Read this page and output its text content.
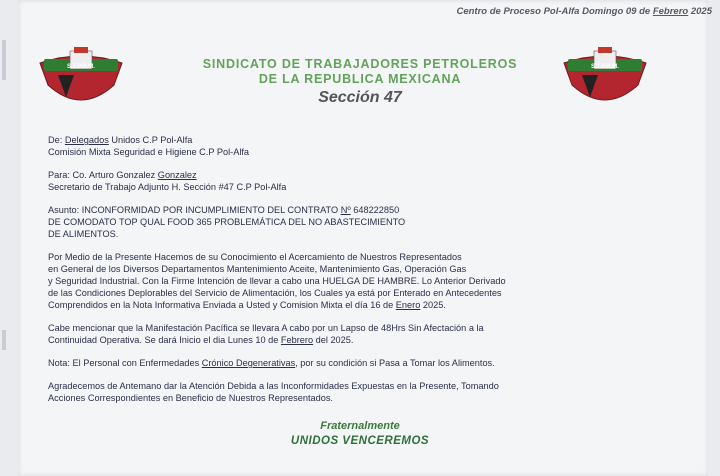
Centro de Proceso Pol-Alfa Domingo 09 de Febrero 2025
S.T.P.R.M.	S.T.P.R.M.
SINDICATO DE TRABAJADORES PETROLEROS
DE LA REPUBLICA MEXICANA
Sección 47

De: Delegados Unidos C.P Pol-Alfa

Comisión Mixta Seguridad e Higiene C.P Pol-Alfa

Para: Co. Arturo Gonzalez Gonzalez

Secretario de Trabajo Adjunto H. Sección #47 C.P Pol-Alfa

Asunto: INCONFORMIDAD POR INCUMPLIMIENTO DEL CONTRATO Nº 648222850

DE COMODATO TOP QUAL FOOD 365 PROBLEMÁTICA DEL NO ABASTECIMIENTO

DE ALIMENTOS.

Por Medio de la Presente Hacemos de su Conocimiento el Acercamiento de Nuestros Representados

en General de los Diversos Departamentos Mantenimiento Aceite, Mantenimiento Gas, Operación Gas

y Seguridad Industrial. Con la Firme Intención de llevar a cabo una HUELGA DE HAMBRE. Lo Anterior Derivado

de las Condiciones Deplorables del Servicio de Alimentación, los Cuales ya está por Enterado en Antecedentes

Comprendidos en la Nota Informativa Enviada a Usted y Comision Mixta el día 16 de Enero 2025.

Cabe mencionar que la Manifestación Pacífica se llevara A cabo por un Lapso de 48Hrs Sin Afectación a la

Continuidad Operativa. Se dará Inicio el dia Lunes 10 de Febrero del 2025.

Nota: El Personal con Enfermedades Crónico Degenerativas, por su condición si Pasa a Tomar los Alimentos.

Agradecemos de Antemano dar la Atención Debida a las Inconformidades Expuestas en la Presente, Tomando

Acciones Correspondientes en Beneficio de Nuestros Representados.

Fraternalmente
UNIDOS VENCEREMOS
